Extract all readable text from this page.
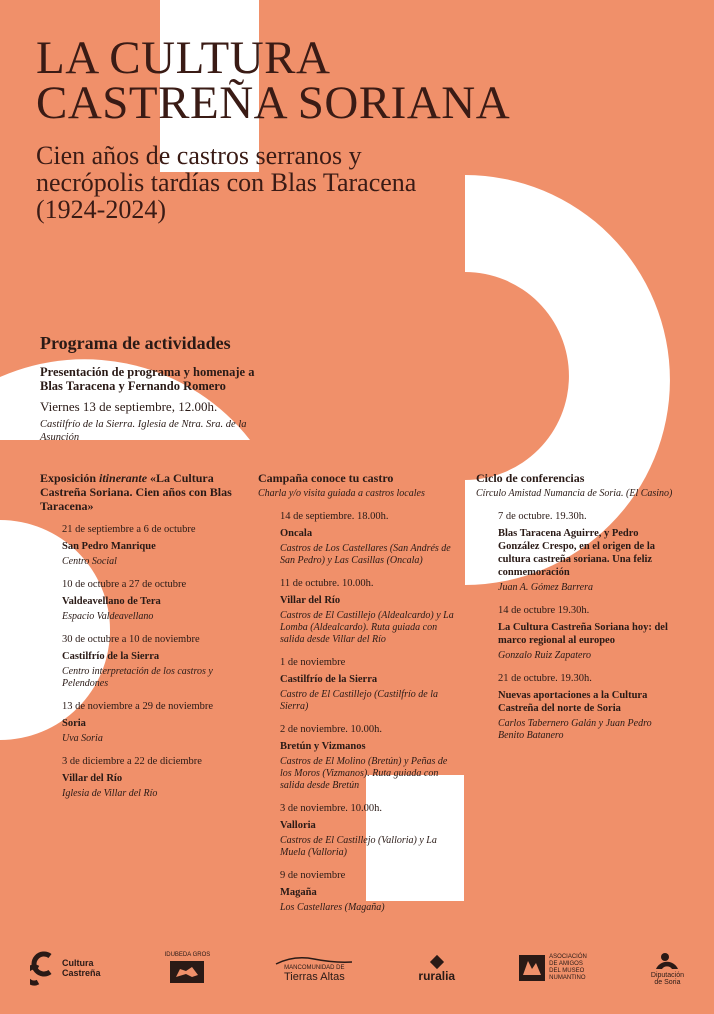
LA CULTURA
CASTREÑA SORIANA
Cien años de castros serranos y
necrópolis tardías con Blas Taracena
(1924-2024)
Programa de actividades
Presentación de programa y homenaje a Blas Taracena y Fernando Romero
Viernes 13 de septiembre, 12.00h.
Castilfrío de la Sierra. Iglesia de Ntra. Sra. de la Asunción
Exposición itinerante «La Cultura Castreña Soriana. Cien años con Blas Taracena»
21 de septiembre a 6 de octubre
San Pedro Manrique
Centro Social
10 de octubre a 27 de octubre
Valdeavellano de Tera
Espacio Valdeavellano
30 de octubre a 10 de noviembre
Castilfrío de la Sierra
Centro interpretación de los castros y Pelendones
13 de noviembre a 29 de noviembre
Soria
Uva Soria
3 de diciembre a 22 de diciembre
Villar del Río
Iglesia de Villar del Río
Campaña conoce tu castro
Charla y/o visita guiada a castros locales
14 de septiembre. 18.00h.
Oncala
Castros de Los Castellares (San Andrés de San Pedro) y Las Casillas (Oncala)
11 de octubre. 10.00h.
Villar del Río
Castros de El Castillejo (Aldealcardo) y La Lomba (Aldealcardo). Ruta guiada con salida desde Villar del Río
1 de noviembre
Castilfrío de la Sierra
Castro de El Castillejo (Castilfrío de la Sierra)
2 de noviembre. 10.00h.
Bretún y Vizmanos
Castros de El Molino (Bretún) y Peñas de los Moros (Vizmanos). Ruta guiada con salida desde Bretún
3 de noviembre. 10.00h.
Valloria
Castros de El Castillejo (Valloria) y La Muela (Valloria)
9 de noviembre
Magaña
Los Castellares (Magaña)
Ciclo de conferencias
Círculo Amistad Numancia de Soria. (El Casino)
7 de octubre. 19.30h.
Blas Taracena Aguirre, y Pedro González Crespo, en el origen de la cultura castreña soriana. Una feliz conmemoración
Juan A. Gómez Barrera
14 de octubre 19.30h.
La Cultura Castreña Soriana hoy: del marco regional al europeo
Gonzalo Ruiz Zapatero
21 de octubre. 19.30h.
Nuevas aportaciones a la Cultura Castreña del norte de Soria
Carlos Tabernero Galán y Juan Pedro Benito Batanero
Cultura
Castreña
IDUBEDA GROS
MANCOMUNIDAD DE
Tierras Altas	ruralia
ASOCIACIÓN
DE AMIGOS
DEL MUSEO
NUMANTINO	Diputación
de Soria
